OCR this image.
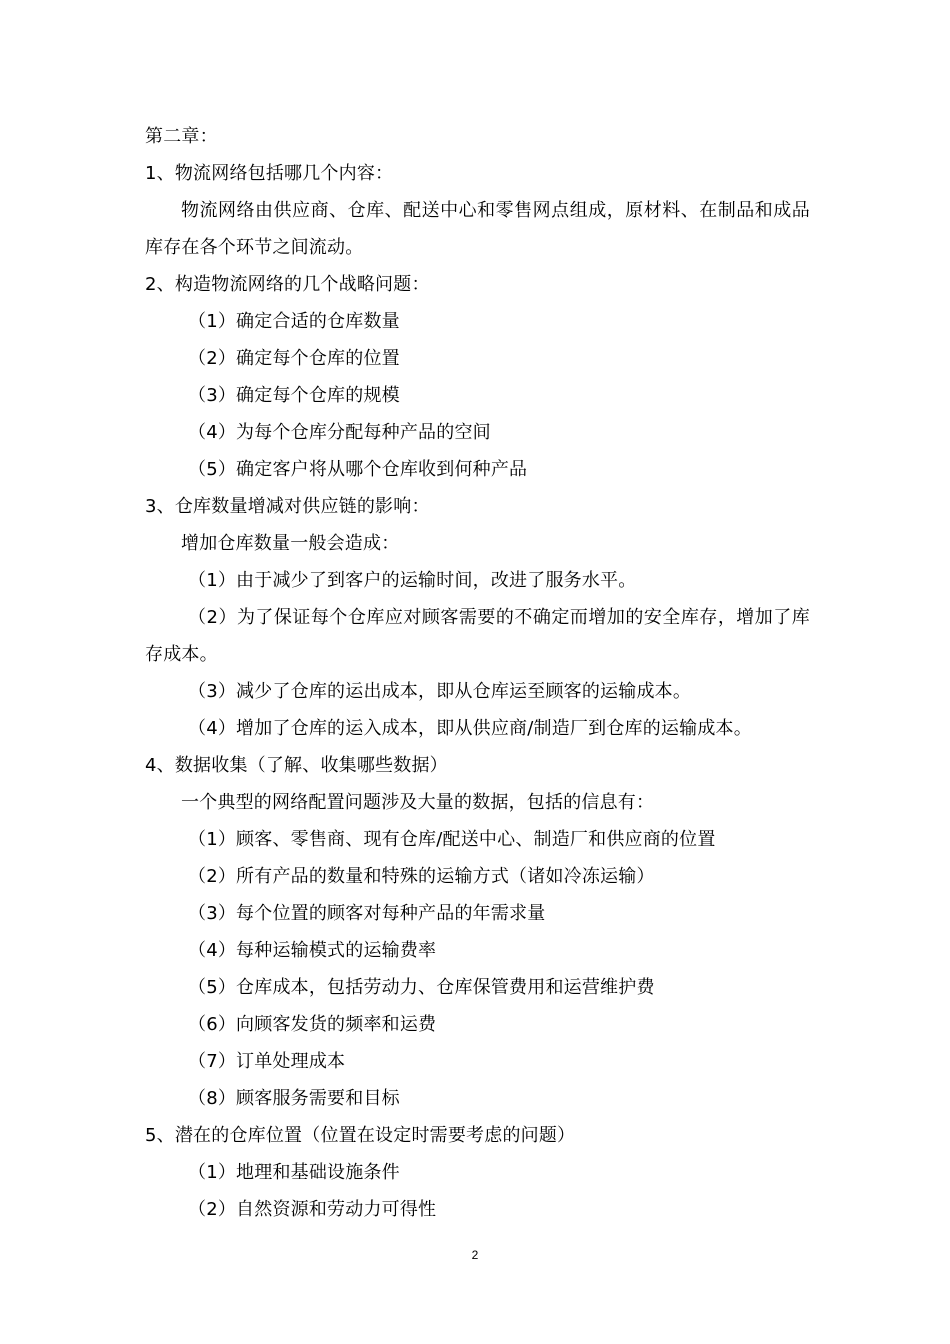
第二章：
1、物流网络包括哪几个内容：
物流网络由供应商、仓库、配送中心和零售网点组成，原材料、在制品和成品库存在各个环节之间流动。
2、构造物流网络的几个战略问题：
（1）确定合适的仓库数量
（2）确定每个仓库的位置
（3）确定每个仓库的规模
（4）为每个仓库分配每种产品的空间
（5）确定客户将从哪个仓库收到何种产品
3、仓库数量增减对供应链的影响：
增加仓库数量一般会造成：
（1）由于减少了到客户的运输时间，改进了服务水平。
（2）为了保证每个仓库应对顾客需要的不确定而增加的安全库存，增加了库存成本。
（3）减少了仓库的运出成本，即从仓库运至顾客的运输成本。
（4）增加了仓库的运入成本，即从供应商/制造厂到仓库的运输成本。
4、数据收集（了解、收集哪些数据）
一个典型的网络配置问题涉及大量的数据，包括的信息有：
（1）顾客、零售商、现有仓库/配送中心、制造厂和供应商的位置
（2）所有产品的数量和特殊的运输方式（诸如冷冻运输）
（3）每个位置的顾客对每种产品的年需求量
（4）每种运输模式的运输费率
（5）仓库成本，包括劳动力、仓库保管费用和运营维护费
（6）向顾客发货的频率和运费
（7）订单处理成本
（8）顾客服务需要和目标
5、潜在的仓库位置（位置在设定时需要考虑的问题）
（1）地理和基础设施条件
（2）自然资源和劳动力可得性
2
